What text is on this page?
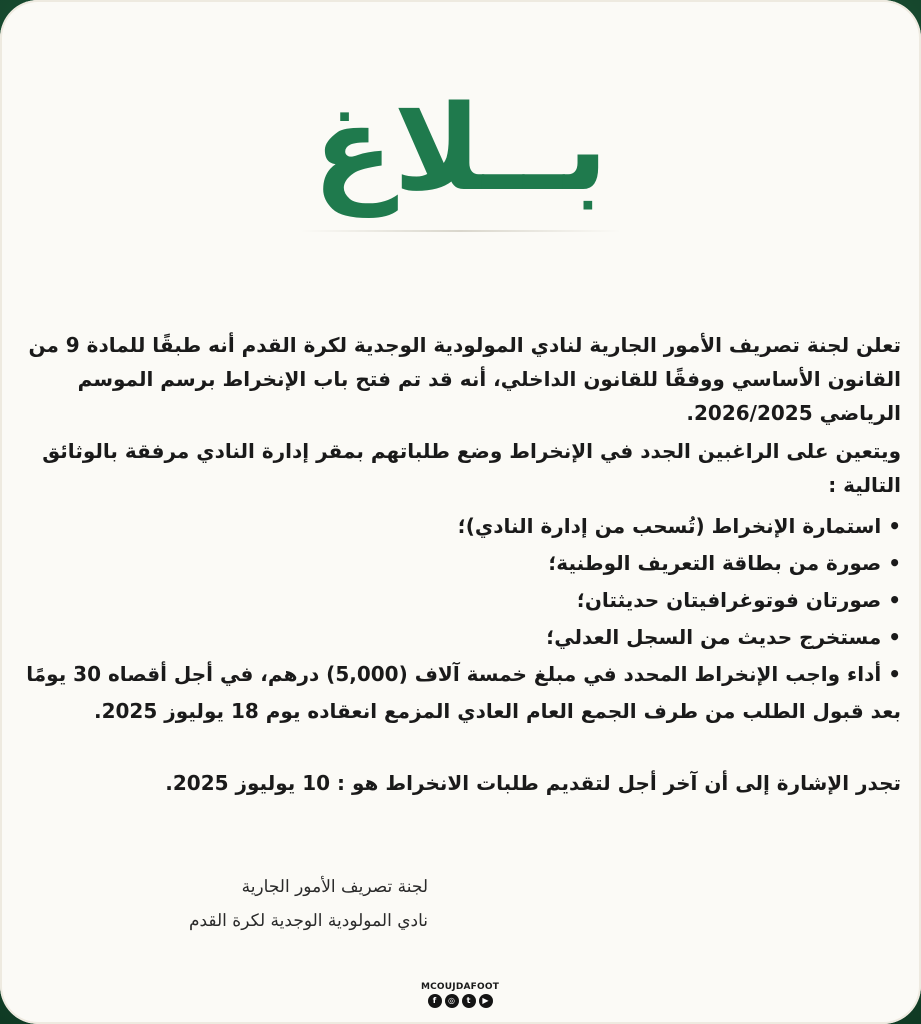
بــلاغ
تعلن لجنة تصريف الأمور الجارية لنادي المولودية الوجدية لكرة القدم أنه طبقًا للمادة 9 من القانون الأساسي ووفقًا للقانون الداخلي، أنه قد تم فتح باب الإنخراط برسم الموسم الرياضي 2026/2025.
ويتعين على الراغبين الجدد في الإنخراط وضع طلباتهم بمقر إدارة النادي مرفقة بالوثائق التالية :
• استمارة الإنخراط (تُسحب من إدارة النادي)؛
• صورة من بطاقة التعريف الوطنية؛
• صورتان فوتوغرافيتان حديثتان؛
• مستخرج حديث من السجل العدلي؛
• أداء واجب الإنخراط المحدد في مبلغ خمسة آلاف (5,000) درهم، في أجل أقصاه 30 يومًا بعد قبول الطلب من طرف الجمع العام العادي المزمع انعقاده يوم 18 يوليوز 2025.
تجدر الإشارة إلى أن آخر أجل لتقديم طلبات الانخراط هو : 10 يوليوز 2025.
لجنة تصريف الأمور الجارية
نادي المولودية الوجدية لكرة القدم
MCOUJDAFOOT
f	◎	t	▶
